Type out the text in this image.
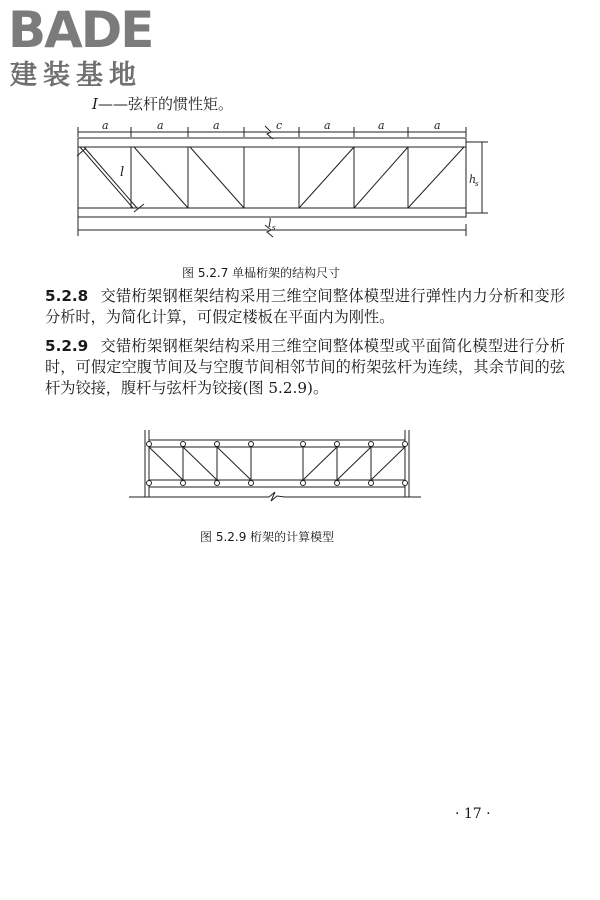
BADE
建装基地
I——弦杆的惯性矩。
a	a	a	c	a	a	a
l	h
s
l s
图 5.2.7 单榀桁架的结构尺寸
5.2.8 交错桁架钢框架结构采用三维空间整体模型进行弹性内力分析和变形分析时，为简化计算，可假定楼板在平面内为刚性。
5.2.9 交错桁架钢框架结构采用三维空间整体模型或平面简化模型进行分析时，可假定空腹节间及与空腹节间相邻节间的桁架弦杆为连续，其余节间的弦杆为铰接，腹杆与弦杆为铰接(图 5.2.9)。
图 5.2.9 桁架的计算模型
· 17 ·
